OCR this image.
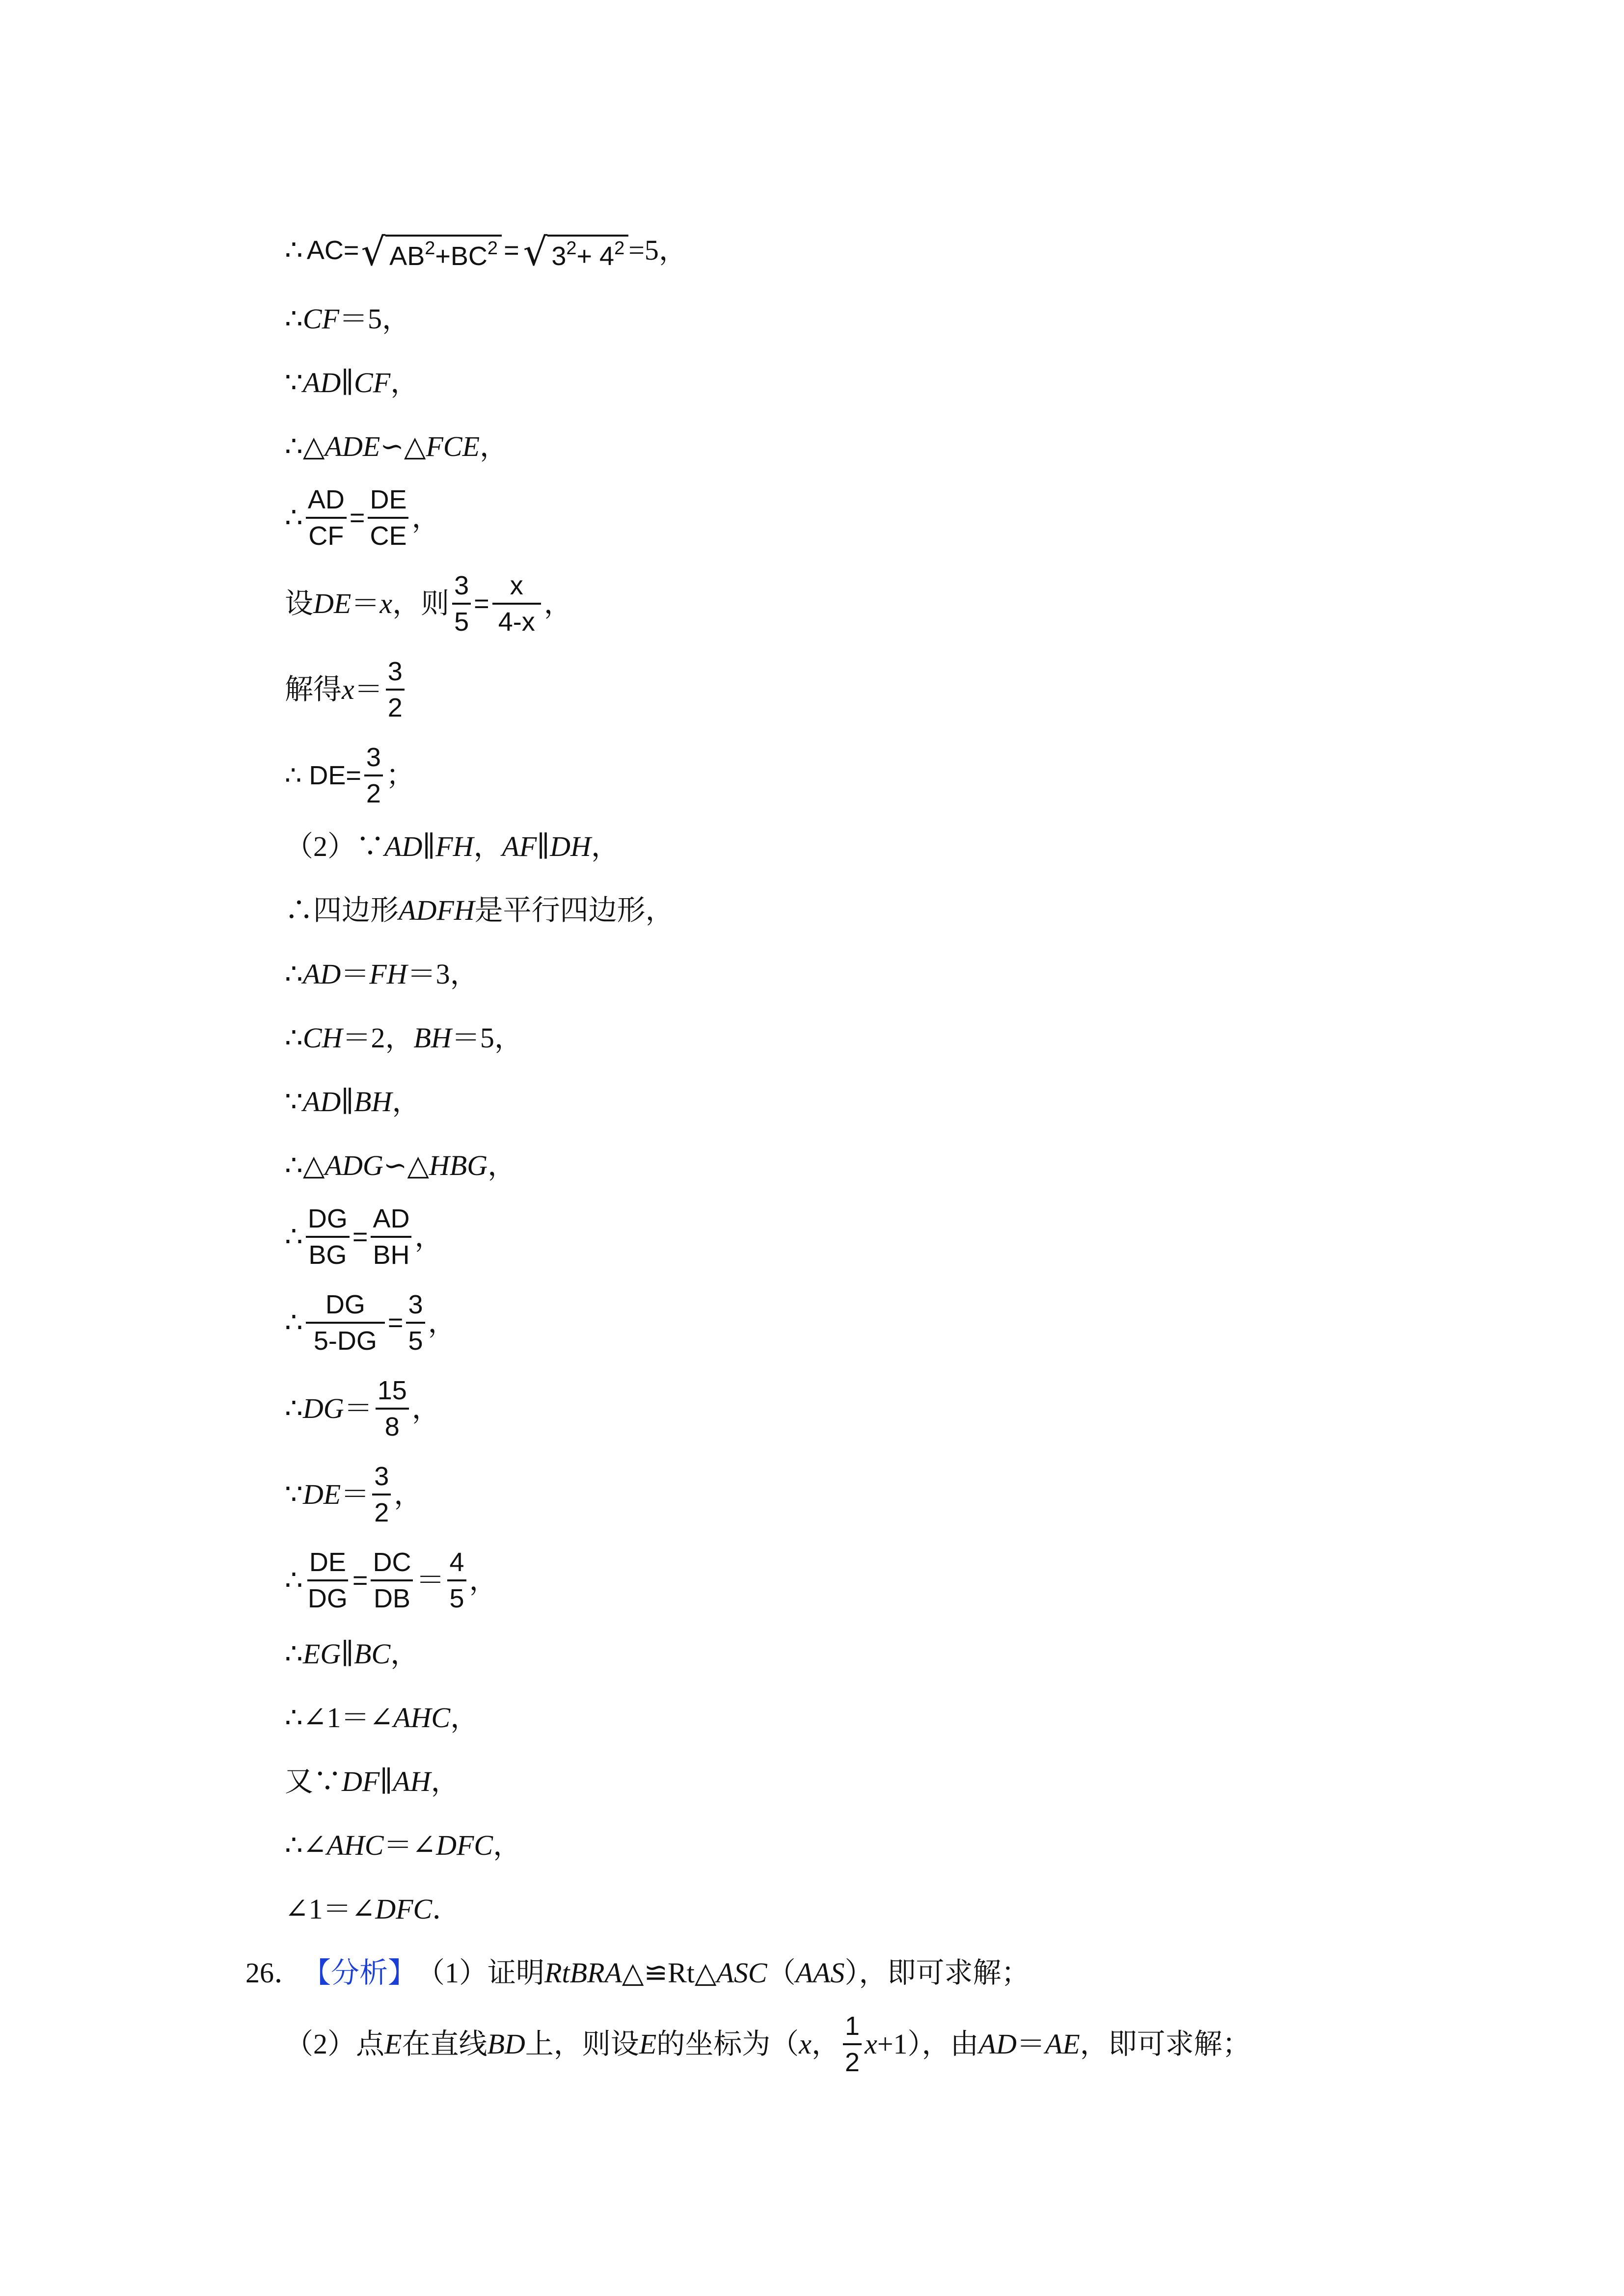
∴ AC= √ $AB^2+BC^2$ = √ $3^2+ 4^2 =5$，
∴ CF ＝5，
∵ AD∥CF ，
∴△ ADE ∽△ FCE ，
∴ $\frac{AD}{CF} = \frac{DE}{CE}$ ，
设 DE ＝ x ，则 $\frac{3}{5} = \frac{x}{4-x}$ ，
解得 $x = \frac{3}{2}$
∴ $DE= \frac{3}{2}$ ；
（2）∵ AD∥FH ， AF∥DH ，
∴四边形 ADFH 是平行四边形，
∴ AD ＝ FH ＝3，
∴ CH ＝2， BH ＝5，
∵ AD∥BH ，
∴△ ADG ∽△ HBG ，
∴ $\frac{DG}{BG} = \frac{AD}{BH}$ ，
∴ $\frac{DG}{5-DG} = \frac{3}{5}$ ，
∴ DG ＝ $\frac{15}{8}$ ，
∵ DE ＝ $\frac{3}{2}$ ，
∴ $\frac{DE}{DG} = \frac{DC}{DB} = \frac{4}{5}$ ，
∴ EG∥BC ，
∴∠1＝∠ AHC ，
又∵ DF∥AH ，
∴∠ AHC ＝∠ DFC ，
∠1＝∠ DFC ．
26． 【分析】 （1）证明 RtBRA △≌Rt△ ASC （ AAS ），即可求解；
（2）点 E 在直线 BD 上，则设 E 的坐标为（ x ， $\frac{1}{2}$ x +1），由 AD ＝ AE ，即可求解；
